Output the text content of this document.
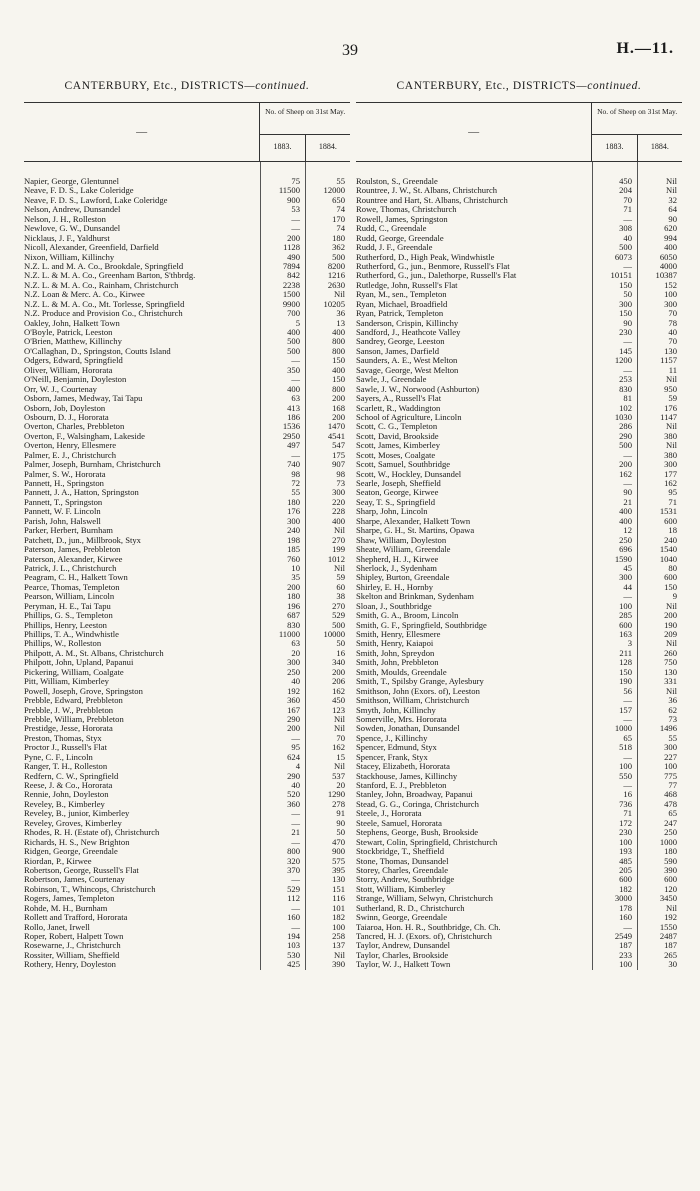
39	H.—11.
CANTERBURY, Etc., DISTRICTS—continued.
—
No. of Sheep on 31st May.
1883.	1884.
Napier, George, Glentunnel	75	55
Neave, F. D. S., Lake Coleridge	11500	12000
Neave, F. D. S., Lawford, Lake Coleridge	900	650
Nelson, Andrew, Dunsandel	53	74
Nelson, J. H., Rolleston	—	170
Newlove, G. W., Dunsandel	—	74
Nicklaus, J. F., Yaldhurst	200	180
Nicoll, Alexander, Greenfield, Darfield	1128	362
Nixon, William, Killinchy	490	500
N.Z. L. and M. A. Co., Brookdale, Springfield	7894	8200
N.Z. L. & M. A. Co., Greenham Barton, S'thbrdg.	842	1216
N.Z. L. & M. A. Co., Rainham, Christchurch	2238	2630
N.Z. Loan & Merc. A. Co., Kirwee	1500	Nil
N.Z. L. & M. A. Co., Mt. Torlesse, Springfield	9900	10205
N.Z. Produce and Provision Co., Christchurch	700	36
Oakley, John, Halkett Town	5	13
O'Boyle, Patrick, Leeston	400	400
O'Brien, Matthew, Killinchy	500	800
O'Callaghan, D., Springston, Coutts Island	500	800
Odgers, Edward, Springfield	—	150
Oliver, William, Hororata	350	400
O'Neill, Benjamin, Doyleston	—	150
Orr, W. J., Courtenay	400	800
Osborn, James, Medway, Tai Tapu	63	200
Osborn, Job, Doyleston	413	168
Osbourn, D. J., Hororata	186	200
Overton, Charles, Prebbleton	1536	1470
Overton, F., Walsingham, Lakeside	2950	4541
Overton, Henry, Ellesmere	497	547
Palmer, E. J., Christchurch	—	175
Palmer, Joseph, Burnham, Christchurch	740	907
Palmer, S. W., Hororata	98	98
Pannett, H., Springston	72	73
Pannett, J. A., Hatton, Springston	55	300
Pannett, T., Springston	180	220
Pannett, W. F. Lincoln	176	228
Parish, John, Halswell	300	400
Parker, Herbert, Burnham	240	Nil
Patchett, D., jun., Millbrook, Styx	198	270
Paterson, James, Prebbleton	185	199
Paterson, Alexander, Kirwee	760	1012
Patrick, J. L., Christchurch	10	Nil
Peagram, C. H., Halkett Town	35	59
Pearce, Thomas, Templeton	200	60
Pearson, William, Lincoln	180	38
Peryman, H. E., Tai Tapu	196	270
Phillips, G. S., Templeton	687	529
Phillips, Henry, Leeston	830	500
Phillips, T. A., Windwhistle	11000	10000
Phillips, W., Rolleston	63	50
Philpott, A. M., St. Albans, Christchurch	20	16
Philpott, John, Upland, Papanui	300	340
Pickering, William, Coalgate	250	200
Pitt, William, Kimberley	40	206
Powell, Joseph, Grove, Springston	192	162
Prebble, Edward, Prebbleton	360	450
Prebble, J. W., Prebbleton	167	123
Prebble, William, Prebbleton	290	Nil
Prestidge, Jesse, Hororata	200	Nil
Preston, Thomas, Styx	—	70
Proctor J., Russell's Flat	95	162
Pyne, C. F., Lincoln	624	15
Ranger, T. H., Rolleston	4	Nil
Redfern, C. W., Springfield	290	537
Reese, J. & Co., Hororata	40	20
Rennie, John, Doyleston	520	1290
Reveley, B., Kimberley	360	278
Reveley, B., junior, Kimberley	—	91
Reveley, Groves, Kimberley	—	90
Rhodes, R. H. (Estate of), Christchurch	21	50
Richards, H. S., New Brighton	—	470
Ridgen, George, Greendale	800	900
Riordan, P., Kirwee	320	575
Robertson, George, Russell's Flat	370	395
Robertson, James, Courtenay	—	130
Robinson, T., Whincops, Christchurch	529	151
Rogers, James, Templeton	112	116
Rohde, M. H., Burnham	—	101
Rollett and Trafford, Hororata	160	182
Rollo, Janet, Irwell	—	100
Roper, Robert, Halpett Town	194	258
Rosewarne, J., Christchurch	103	137
Rossiter, William, Sheffield	530	Nil
Rothery, Henry, Doyleston	425	390
CANTERBURY, Etc., DISTRICTS—continued.
—
No. of Sheep on 31st May.
1883.	1884.
Roulston, S., Greendale	450	Nil
Rountree, J. W., St. Albans, Christchurch	204	Nil
Rountree and Hart, St. Albans, Christchurch	70	32
Rowe, Thomas, Christchurch	71	64
Rowell, James, Springston	—	90
Rudd, C., Greendale	308	620
Rudd, George, Greendale	40	994
Rudd, J. F., Greendale	500	400
Rutherford, D., High Peak, Windwhistle	6073	6050
Rutherford, G., jun., Benmore, Russell's Flat	—	4000
Rutherford, G., jun., Dalethorpe, Russell's Flat	10151	10387
Rutledge, John, Russell's Flat	150	152
Ryan, M., sen., Templeton	50	100
Ryan, Michael, Broadfield	300	300
Ryan, Patrick, Templeton	150	70
Sanderson, Crispin, Killinchy	90	78
Sandford, J., Heathcote Valley	230	40
Sandrey, George, Leeston	—	70
Sanson, James, Darfield	145	130
Saunders, A. E., West Melton	1200	1157
Savage, George, West Melton	—	11
Sawle, J., Greendale	253	Nil
Sawle, J. W., Norwood (Ashburton)	830	950
Sayers, A., Russell's Flat	81	59
Scarlett, R., Waddington	102	176
School of Agriculture, Lincoln	1030	1147
Scott, C. G., Templeton	286	Nil
Scott, David, Brookside	290	380
Scott, James, Kimberley	500	Nil
Scott, Moses, Coalgate	—	380
Scott, Samuel, Southbridge	200	300
Scott, W., Hockley, Dunsandel	162	177
Searle, Joseph, Sheffield	—	162
Seaton, George, Kirwee	90	95
Seay, T. S., Springfield	21	71
Sharp, John, Lincoln	400	1531
Sharpe, Alexander, Halkett Town	400	600
Sharpe, G. H., St. Martins, Opawa	12	18
Shaw, William, Doyleston	250	240
Sheate, William, Greendale	696	1540
Shepherd, H. J., Kirwee	1590	1040
Sherlock, J., Sydenham	45	80
Shipley, Burton, Greendale	300	600
Shirley, E. H., Hornby	44	150
Skelton and Brinkman, Sydenham	—	9
Sloan, J., Southbridge	100	Nil
Smith, G. A., Broom, Lincoln	285	200
Smith, G. F., Springfield, Southbridge	600	190
Smith, Henry, Ellesmere	163	209
Smith, Henry, Kaiapoi	3	Nil
Smith, John, Spreydon	211	260
Smith, John, Prebbleton	128	750
Smith, Moulds, Greendale	150	130
Smith, T., Spilsby Grange, Aylesbury	190	331
Smithson, John (Exors. of), Leeston	56	Nil
Smithson, William, Christchurch	—	36
Smyth, John, Killinchy	157	62
Somerville, Mrs. Hororata	—	73
Sowden, Jonathan, Dunsandel	1000	1496
Spence, J., Killinchy	65	55
Spencer, Edmund, Styx	518	300
Spencer, Frank, Styx	—	227
Stacey, Elizabeth, Hororata	100	100
Stackhouse, James, Killinchy	550	775
Stanford, E. J., Prebbleton	—	77
Stanley, John, Broadway, Papanui	16	468
Stead, G. G., Coringa, Christchurch	736	478
Steele, J., Hororata	71	65
Steele, Samuel, Hororata	172	247
Stephens, George, Bush, Brookside	230	250
Stewart, Colin, Springfield, Christchurch	100	1000
Stockbridge, T., Sheffield	193	180
Stone, Thomas, Dunsandel	485	590
Storey, Charles, Greendale	205	390
Storry, Andrew, Southbridge	600	600
Stott, William, Kimberley	182	120
Strange, William, Selwyn, Christchurch	3000	3450
Sutherland, R. D., Christchurch	178	Nil
Swinn, George, Greendale	160	192
Taiaroa, Hon. H. R., Southbridge, Ch. Ch.	—	1550
Tancred, H. J. (Exors. of), Christchurch	2549	2487
Taylor, Andrew, Dunsandel	187	187
Taylor, Charles, Brookside	233	265
Taylor, W. J., Halkett Town	100	30
